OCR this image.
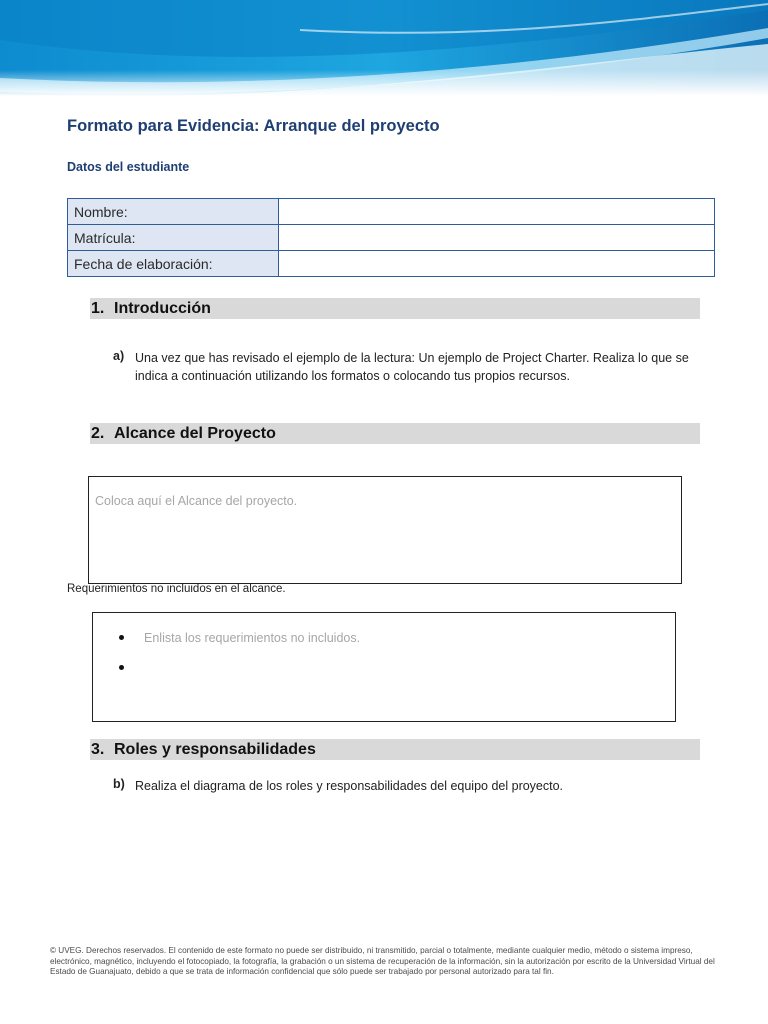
Formato para Evidencia: Arranque del proyecto
Datos del estudiante
Nombre:	
Matrícula:	
Fecha de elaboración:	
1. Introducción
a) Una vez que has revisado el ejemplo de la lectura: Un ejemplo de Project Charter. Realiza lo que se indica a continuación utilizando los formatos o colocando tus propios recursos.
2. Alcance del Proyecto
Coloca aquí el Alcance del proyecto.
Requerimientos no incluidos en el alcance.
Enlista los requerimientos no incluidos.
3. Roles y responsabilidades
b) Realiza el diagrama de los roles y responsabilidades del equipo del proyecto.
© UVEG. Derechos reservados. El contenido de este formato no puede ser distribuido, ni transmitido, parcial o totalmente, mediante cualquier medio, método o sistema impreso, electrónico, magnético, incluyendo el fotocopiado, la fotografía, la grabación o un sistema de recuperación de la información, sin la autorización por escrito de la Universidad Virtual del Estado de Guanajuato, debido a que se trata de información confidencial que sólo puede ser trabajado por personal autorizado para tal fin.
